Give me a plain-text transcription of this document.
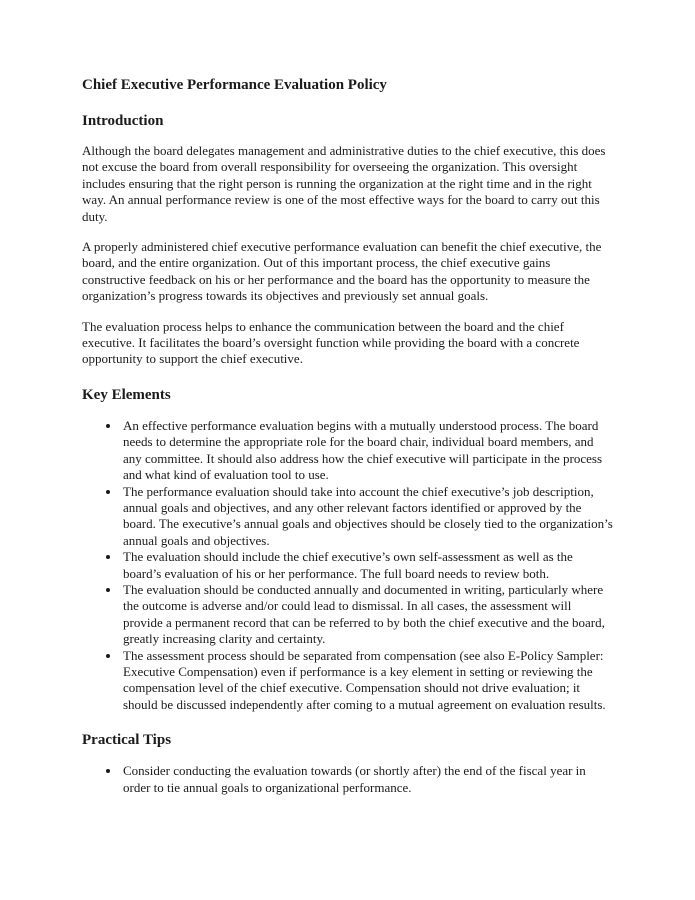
Chief Executive Performance Evaluation Policy
Introduction

Although the board delegates management and administrative duties to the chief executive, this does not excuse the board from overall responsibility for overseeing the organization. This oversight includes ensuring that the right person is running the organization at the right time and in the right way. An annual performance review is one of the most effective ways for the board to carry out this duty.

A properly administered chief executive performance evaluation can benefit the chief executive, the board, and the entire organization. Out of this important process, the chief executive gains constructive feedback on his or her performance and the board has the opportunity to measure the organization’s progress towards its objectives and previously set annual goals.

The evaluation process helps to enhance the communication between the board and the chief executive. It facilitates the board’s oversight function while providing the board with a concrete opportunity to support the chief executive.

Key Elements
• An effective performance evaluation begins with a mutually understood process. The board needs to determine the appropriate role for the board chair, individual board members, and any committee. It should also address how the chief executive will participate in the process and what kind of evaluation tool to use.
• The performance evaluation should take into account the chief executive’s job description, annual goals and objectives, and any other relevant factors identified or approved by the board. The executive’s annual goals and objectives should be closely tied to the organization’s annual goals and objectives.
• The evaluation should include the chief executive’s own self-assessment as well as the board’s evaluation of his or her performance. The full board needs to review both.
• The evaluation should be conducted annually and documented in writing, particularly where the outcome is adverse and/or could lead to dismissal. In all cases, the assessment will provide a permanent record that can be referred to by both the chief executive and the board, greatly increasing clarity and certainty.
• The assessment process should be separated from compensation (see also E-Policy Sampler: Executive Compensation) even if performance is a key element in setting or reviewing the compensation level of the chief executive. Compensation should not drive evaluation; it should be discussed independently after coming to a mutual agreement on evaluation results.
Practical Tips
• Consider conducting the evaluation towards (or shortly after) the end of the fiscal year in order to tie annual goals to organizational performance.
